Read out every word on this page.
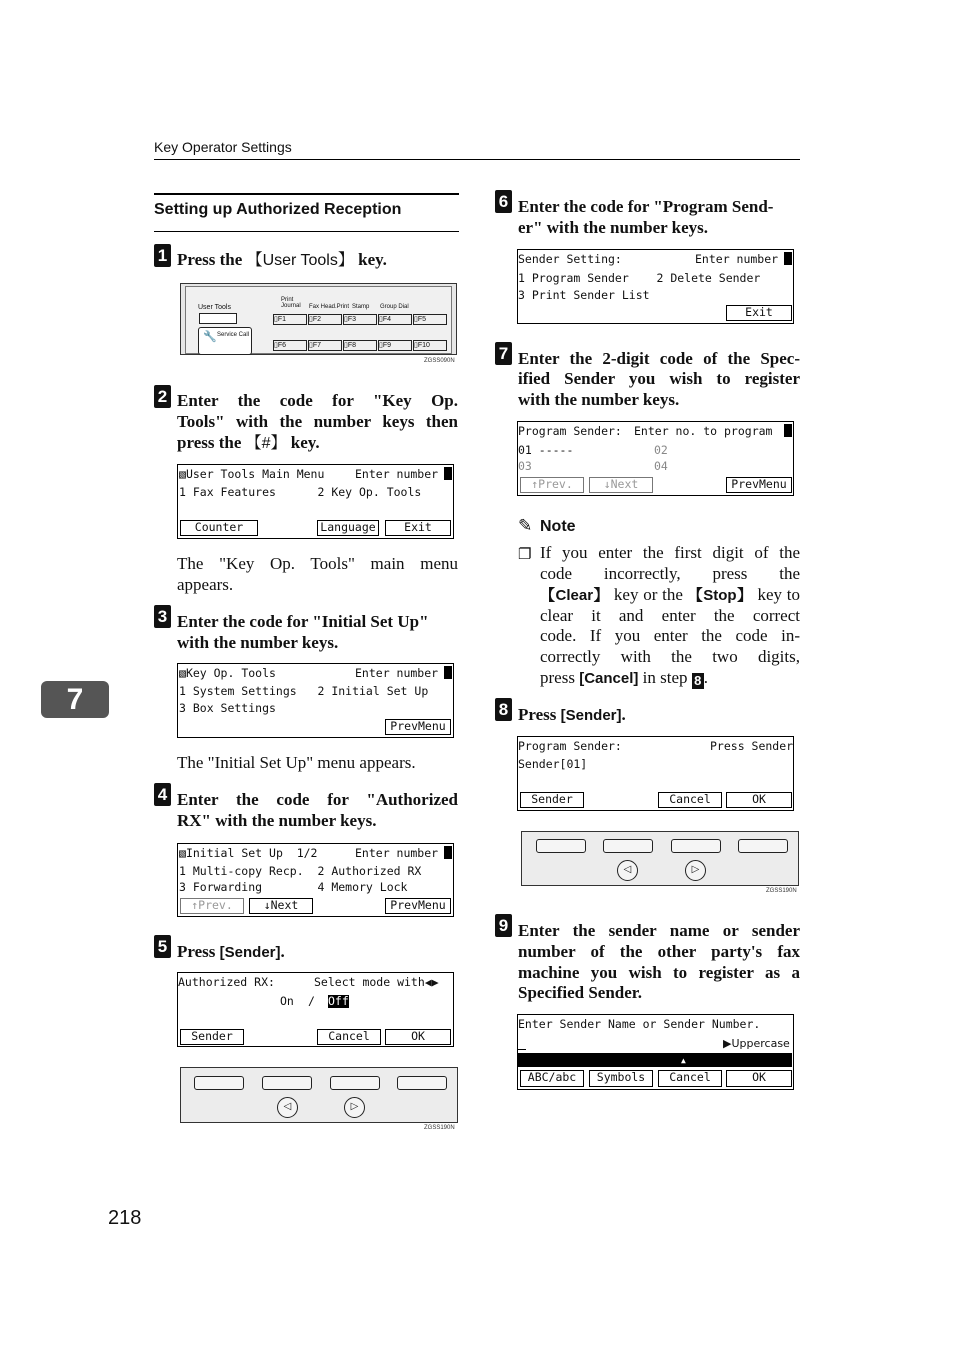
Key Operator Settings
Setting up Authorized Reception
1 Press the 【User Tools】 key.
User Tools
Print
Journal Fax Head.Print Stamp Group Dial
Service Call
🔧
▯F1	▯F2	▯F3	▯F4	▯F5
▯F6	▯F7	▯F8	▯F9	▯F10
ZGSS090N
2 Enter the code for "Key Op.
Tools" with the number keys then
press the 【#】 key.
▧User Tools Main Menu	Enter number
1 Fax Features      2 Key Op. Tools
Counter	Language	Exit
The "Key Op. Tools" main menu
appears.
3 Enter the code for "Initial Set Up"
with the number keys.
▧Key Op. Tools	Enter number
1 System Settings   2 Initial Set Up
3 Box Settings
PrevMenu
The "Initial Set Up" menu appears.
4 Enter the code for "Authorized
RX" with the number keys.
▧Initial Set Up  1/2	Enter number
1 Multi-copy Recp.  2 Authorized RX
3 Forwarding        4 Memory Lock
↑Prev.	↓Next	PrevMenu
5 Press [Sender].
Authorized RX:	Select mode with◀▶
On / Off
Sender	Cancel	OK
◁	▷
ZGSS190N
7
218
6 Enter the code for "Program Send-
er" with the number keys.
Sender Setting:	Enter number
1 Program Sender    2 Delete Sender
3 Print Sender List
Exit
7 Enter the 2-digit code of the Spec-
ified Sender you wish to register
with the number keys.
Program Sender: Enter no. to program
01 -----	02
03	04
↑Prev.	↓Next	PrevMenu
✎ Note
❐ If you enter the first digit of the
code incorrectly, press the
【Clear】 key or the 【Stop】 key to
clear it and enter the correct
code. If you enter the code in-
correctly with the two digits,
press [Cancel] in step 8 .
8 Press [Sender].
Program Sender:	Press Sender
Sender[01]
Sender	Cancel	OK
◁	▷
ZGSS190N
9 Enter the sender name or sender
number of the other party's fax
machine you wish to register as a
Specified Sender.
Enter Sender Name or Sender Number.
▶Uppercase
▲
ABC/abc	Symbols	Cancel	OK
